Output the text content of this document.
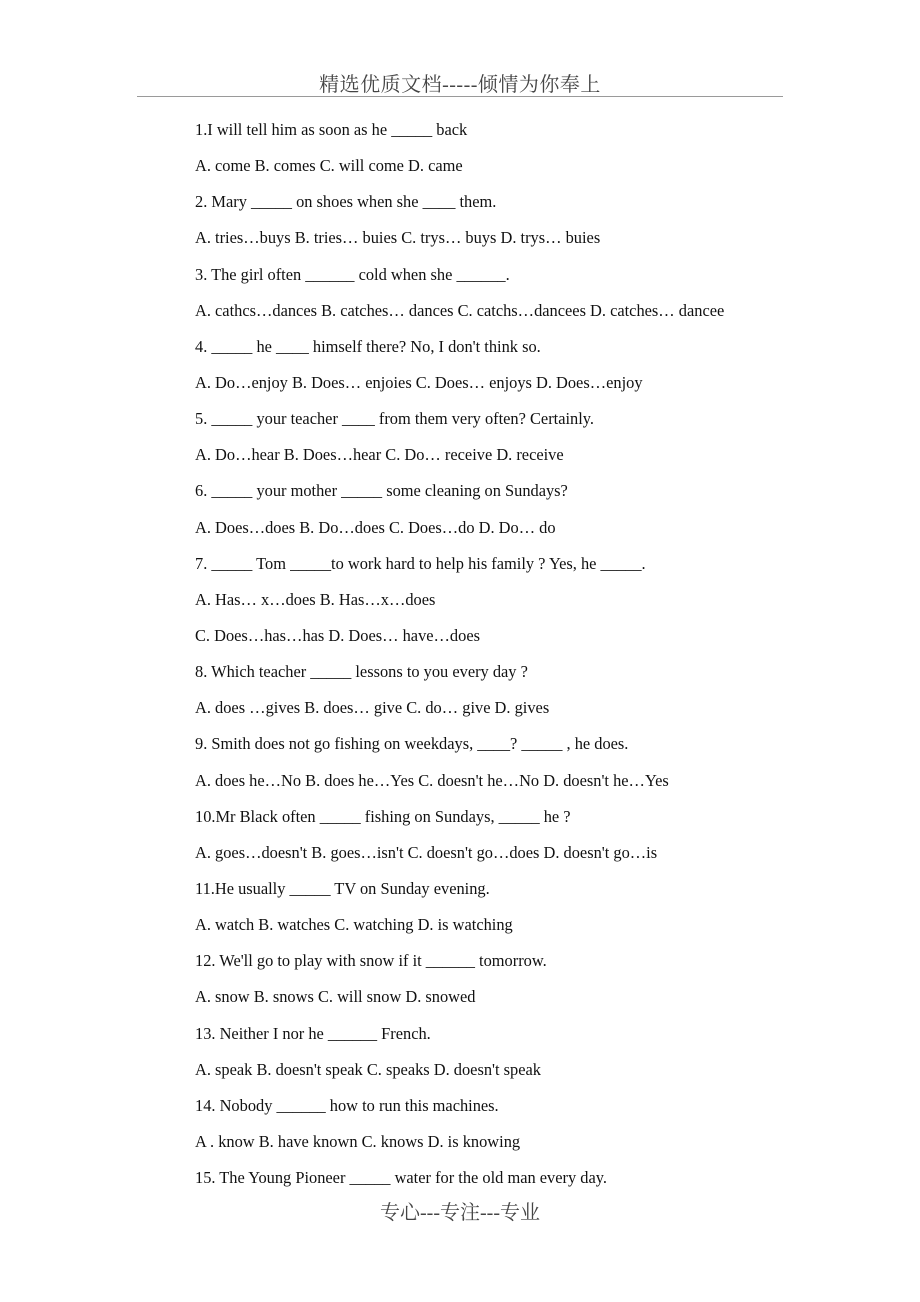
精选优质文档-----倾情为你奉上
1.I will tell him as soon as he _____ back
A. come B. comes C. will come D. came
2. Mary _____ on shoes when she ____ them.
A. tries…buys B. tries… buies C. trys… buys D. trys… buies
3. The girl often ______ cold when she ______.
A. cathcs…dances B. catches… dances C. catchs…dancees D. catches… dancee
4. _____ he ____ himself there? No, I don't think so.
A. Do…enjoy B. Does… enjoies C. Does… enjoys D. Does…enjoy
5. _____ your teacher ____ from them very often? Certainly.
A. Do…hear B. Does…hear C. Do… receive D. receive
6. _____ your mother _____ some cleaning on Sundays?
A. Does…does B. Do…does C. Does…do D. Do… do
7. _____ Tom _____to work hard to help his family ? Yes, he _____.
A. Has… x…does B. Has…x…does
C. Does…has…has D. Does… have…does
8. Which teacher _____ lessons to you every day ?
A. does …gives B. does… give C. do… give D. gives
9. Smith does not go fishing on weekdays, ____? _____ , he does.
A. does he…No B. does he…Yes C. doesn't he…No D. doesn't he…Yes
10.Mr Black often _____ fishing on Sundays, _____ he ?
A. goes…doesn't B. goes…isn't C. doesn't go…does D. doesn't go…is
11.He usually _____ TV on Sunday evening.
A. watch B. watches C. watching D. is watching
12. We'll go to play with snow if it ______ tomorrow.
A. snow B. snows C. will snow D. snowed
13. Neither I nor he ______ French.
A. speak B. doesn't speak C. speaks D. doesn't speak
14. Nobody ______ how to run this machines.
A . know B. have known C. knows D. is knowing
15. The Young Pioneer _____ water for the old man every day.
专心---专注---专业
